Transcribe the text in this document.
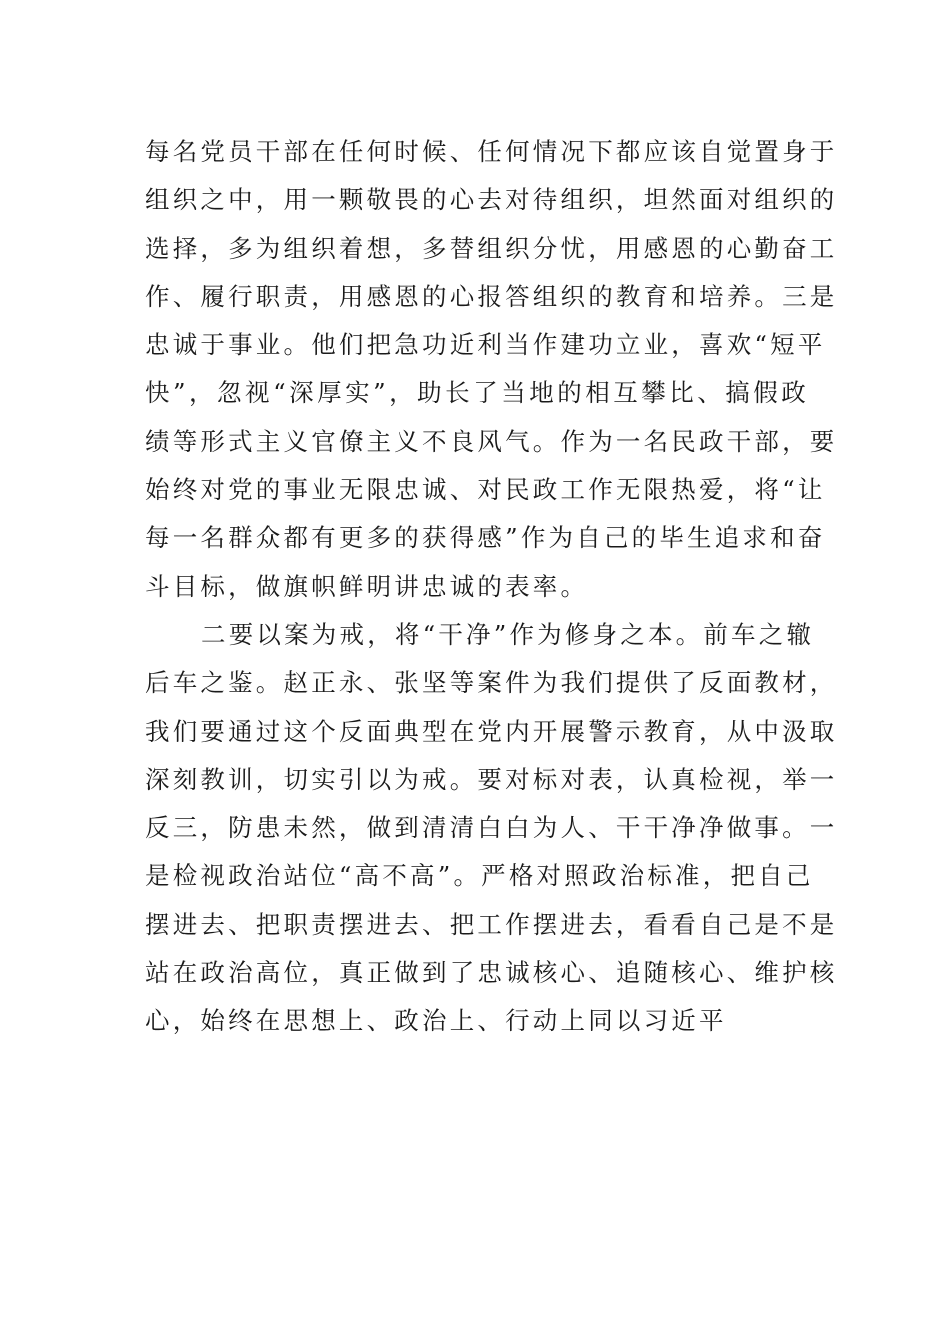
每名党员干部在任何时候、任何情况下都应该自觉置身于
组织之中，用一颗敬畏的心去对待组织，坦然面对组织的
选择，多为组织着想，多替组织分忧，用感恩的心勤奋工
作、履行职责，用感恩的心报答组织的教育和培养。三是
忠诚于事业。他们把急功近利当作建功立业，喜欢“短平
快”，忽视“深厚实”，助长了当地的相互攀比、搞假政
绩等形式主义官僚主义不良风气。作为一名民政干部，要
始终对党的事业无限忠诚、对民政工作无限热爱，将“让
每一名群众都有更多的获得感”作为自己的毕生追求和奋
斗目标，做旗帜鲜明讲忠诚的表率。
二要以案为戒，将“干净”作为修身之本。前车之辙
后车之鉴。赵正永、张坚等案件为我们提供了反面教材，
我们要通过这个反面典型在党内开展警示教育，从中汲取
深刻教训，切实引以为戒。要对标对表，认真检视，举一
反三，防患未然，做到清清白白为人、干干净净做事。一
是检视政治站位“高不高”。严格对照政治标准，把自己
摆进去、把职责摆进去、把工作摆进去，看看自己是不是
站在政治高位，真正做到了忠诚核心、追随核心、维护核
心，始终在思想上、政治上、行动上同以习近平
